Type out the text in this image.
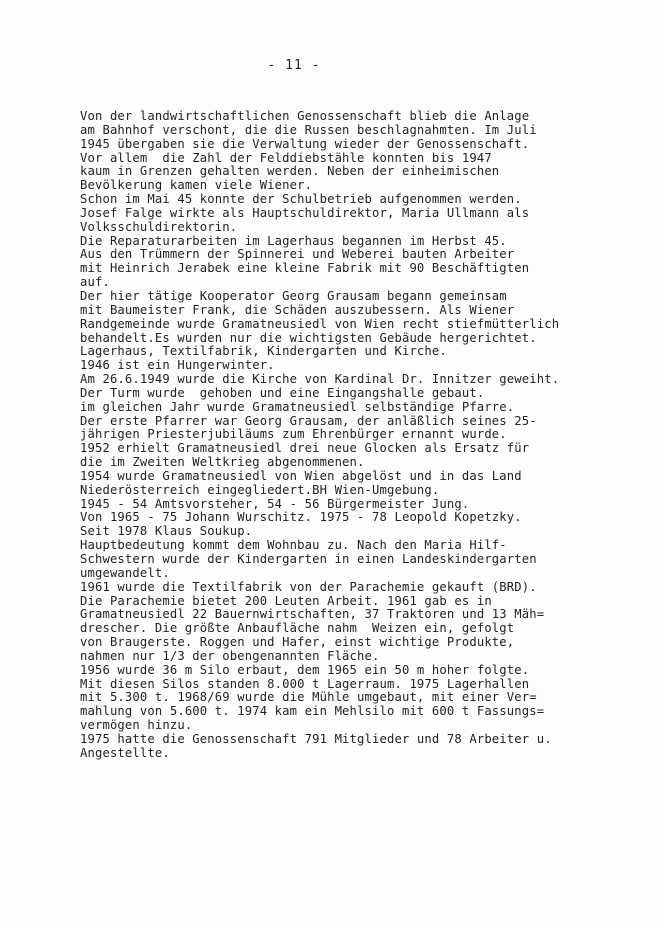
- 11 -
Von der landwirtschaftlichen Genossenschaft blieb die Anlage
am Bahnhof verschont, die die Russen beschlagnahmten. Im Juli
1945 übergaben sie die Verwaltung wieder der Genossenschaft.
Vor allem  die Zahl der Felddiebstähle konnten bis 1947
kaum in Grenzen gehalten werden. Neben der einheimischen
Bevölkerung kamen viele Wiener.
Schon im Mai 45 konnte der Schulbetrieb aufgenommen werden.
Josef Falge wirkte als Hauptschuldirektor, Maria Ullmann als
Volksschuldirektorin.
Die Reparaturarbeiten im Lagerhaus begannen im Herbst 45.
Aus den Trümmern der Spinnerei und Weberei bauten Arbeiter
mit Heinrich Jerabek eine kleine Fabrik mit 90 Beschäftigten
auf.
Der hier tätige Kooperator Georg Grausam begann gemeinsam
mit Baumeister Frank, die Schäden auszubessern. Als Wiener
Randgemeinde wurde Gramatneusiedl von Wien recht stiefmütterlich
behandelt.Es wurden nur die wichtigsten Gebäude hergerichtet.
Lagerhaus, Textilfabrik, Kindergarten und Kirche.
1946 ist ein Hungerwinter.
Am 26.6.1949 wurde die Kirche von Kardinal Dr. Innitzer geweiht.
Der Turm wurde  gehoben und eine Eingangshalle gebaut.
im gleichen Jahr wurde Gramatneusiedl selbständige Pfarre.
Der erste Pfarrer war Georg Grausam, der anläßlich seines 25-
jährigen Priesterjubiläums zum Ehrenbürger ernannt wurde.
1952 erhielt Gramatneusiedl drei neue Glocken als Ersatz für
die im Zweiten Weltkrieg abgenommenen.
1954 wurde Gramatneusiedl von Wien abgelöst und in das Land
Niederösterreich eingegliedert.BH Wien-Umgebung.
1945 - 54 Amtsvorsteher, 54 - 56 Bürgermeister Jung.
Von 1965 - 75 Johann Wurschitz. 1975 - 78 Leopold Kopetzky.
Seit 1978 Klaus Soukup.
Hauptbedeutung kommt dem Wohnbau zu. Nach den Maria Hilf-
Schwestern wurde der Kindergarten in einen Landeskindergarten
umgewandelt.
1961 wurde die Textilfabrik von der Parachemie gekauft (BRD).
Die Parachemie bietet 200 Leuten Arbeit. 1961 gab es in
Gramatneusiedl 22 Bauernwirtschaften, 37 Traktoren und 13 Mäh=
drescher. Die größte Anbaufläche nahm  Weizen ein, gefolgt
von Braugerste. Roggen und Hafer, einst wichtige Produkte,
nahmen nur 1/3 der obengenannten Fläche.
1956 wurde 36 m Silo erbaut, dem 1965 ein 50 m hoher folgte.
Mit diesen Silos standen 8.000 t Lagerraum. 1975 Lagerhallen
mit 5.300 t. 1968/69 wurde die Mühle umgebaut, mit einer Ver=
mahlung von 5.600 t. 1974 kam ein Mehlsilo mit 600 t Fassungs=
vermögen hinzu.
1975 hatte die Genossenschaft 791 Mitglieder und 78 Arbeiter u.
Angestellte.
